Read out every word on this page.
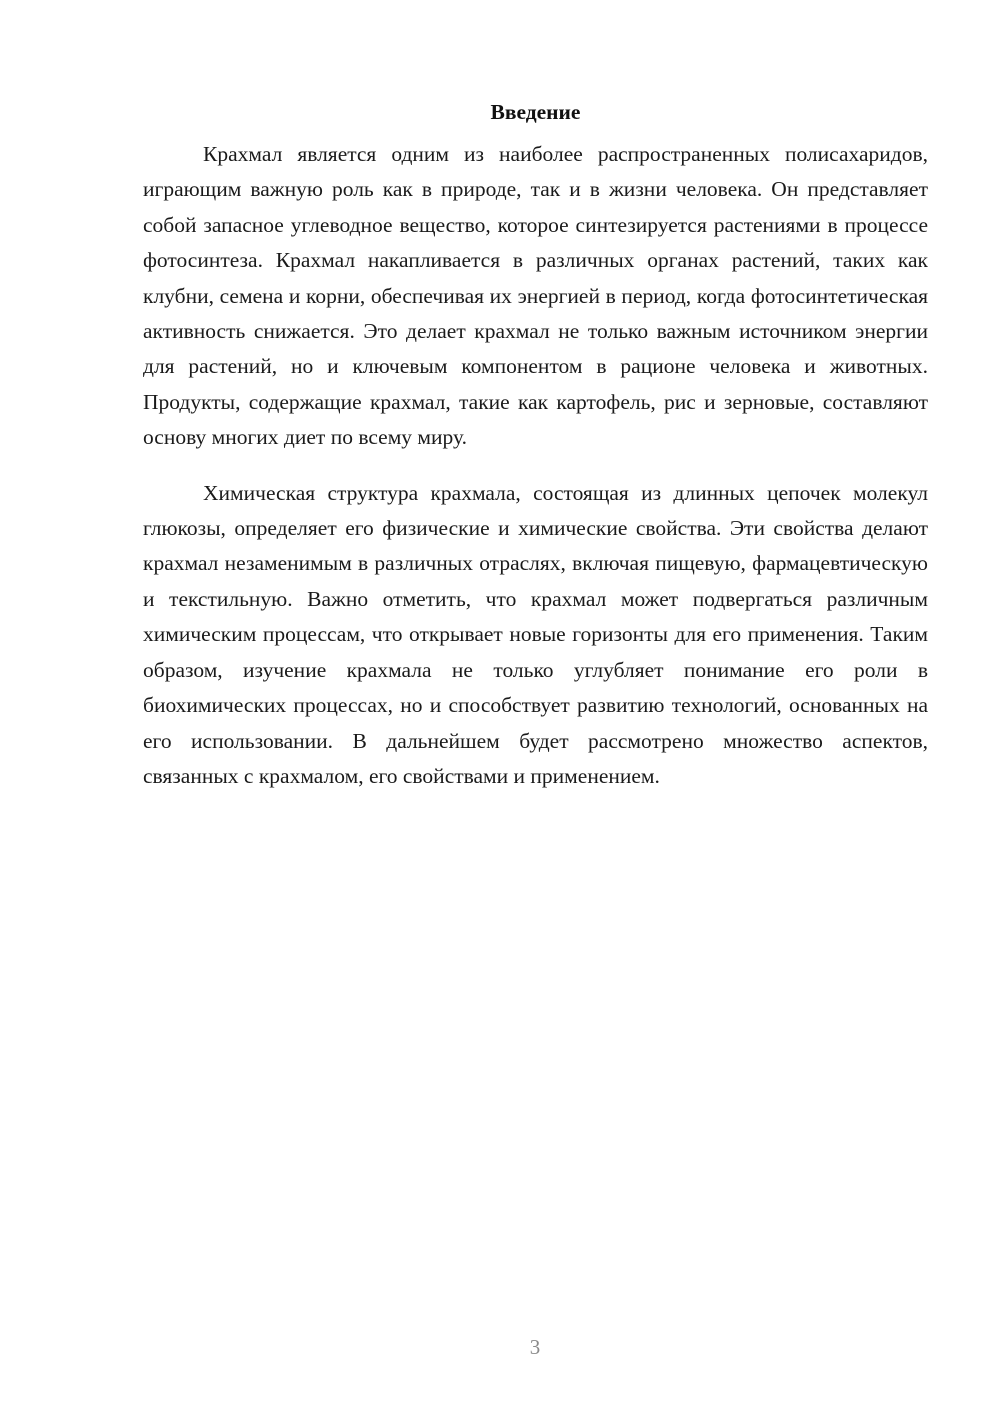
Введение

Крахмал является одним из наиболее распространенных полисахаридов, играющим важную роль как в природе, так и в жизни человека. Он представляет собой запасное углеводное вещество, которое синтезируется растениями в процессе фотосинтеза. Крахмал накапливается в различных органах растений, таких как клубни, семена и корни, обеспечивая их энергией в период, когда фотосинтетическая активность снижается. Это делает крахмал не только важным источником энергии для растений, но и ключевым компонентом в рационе человека и животных. Продукты, содержащие крахмал, такие как картофель, рис и зерновые, составляют основу многих диет по всему миру.

Химическая структура крахмала, состоящая из длинных цепочек молекул глюкозы, определяет его физические и химические свойства. Эти свойства делают крахмал незаменимым в различных отраслях, включая пищевую, фармацевтическую и текстильную. Важно отметить, что крахмал может подвергаться различным химическим процессам, что открывает новые горизонты для его применения. Таким образом, изучение крахмала не только углубляет понимание его роли в биохимических процессах, но и способствует развитию технологий, основанных на его использовании. В дальнейшем будет рассмотрено множество аспектов, связанных с крахмалом, его свойствами и применением.

3
